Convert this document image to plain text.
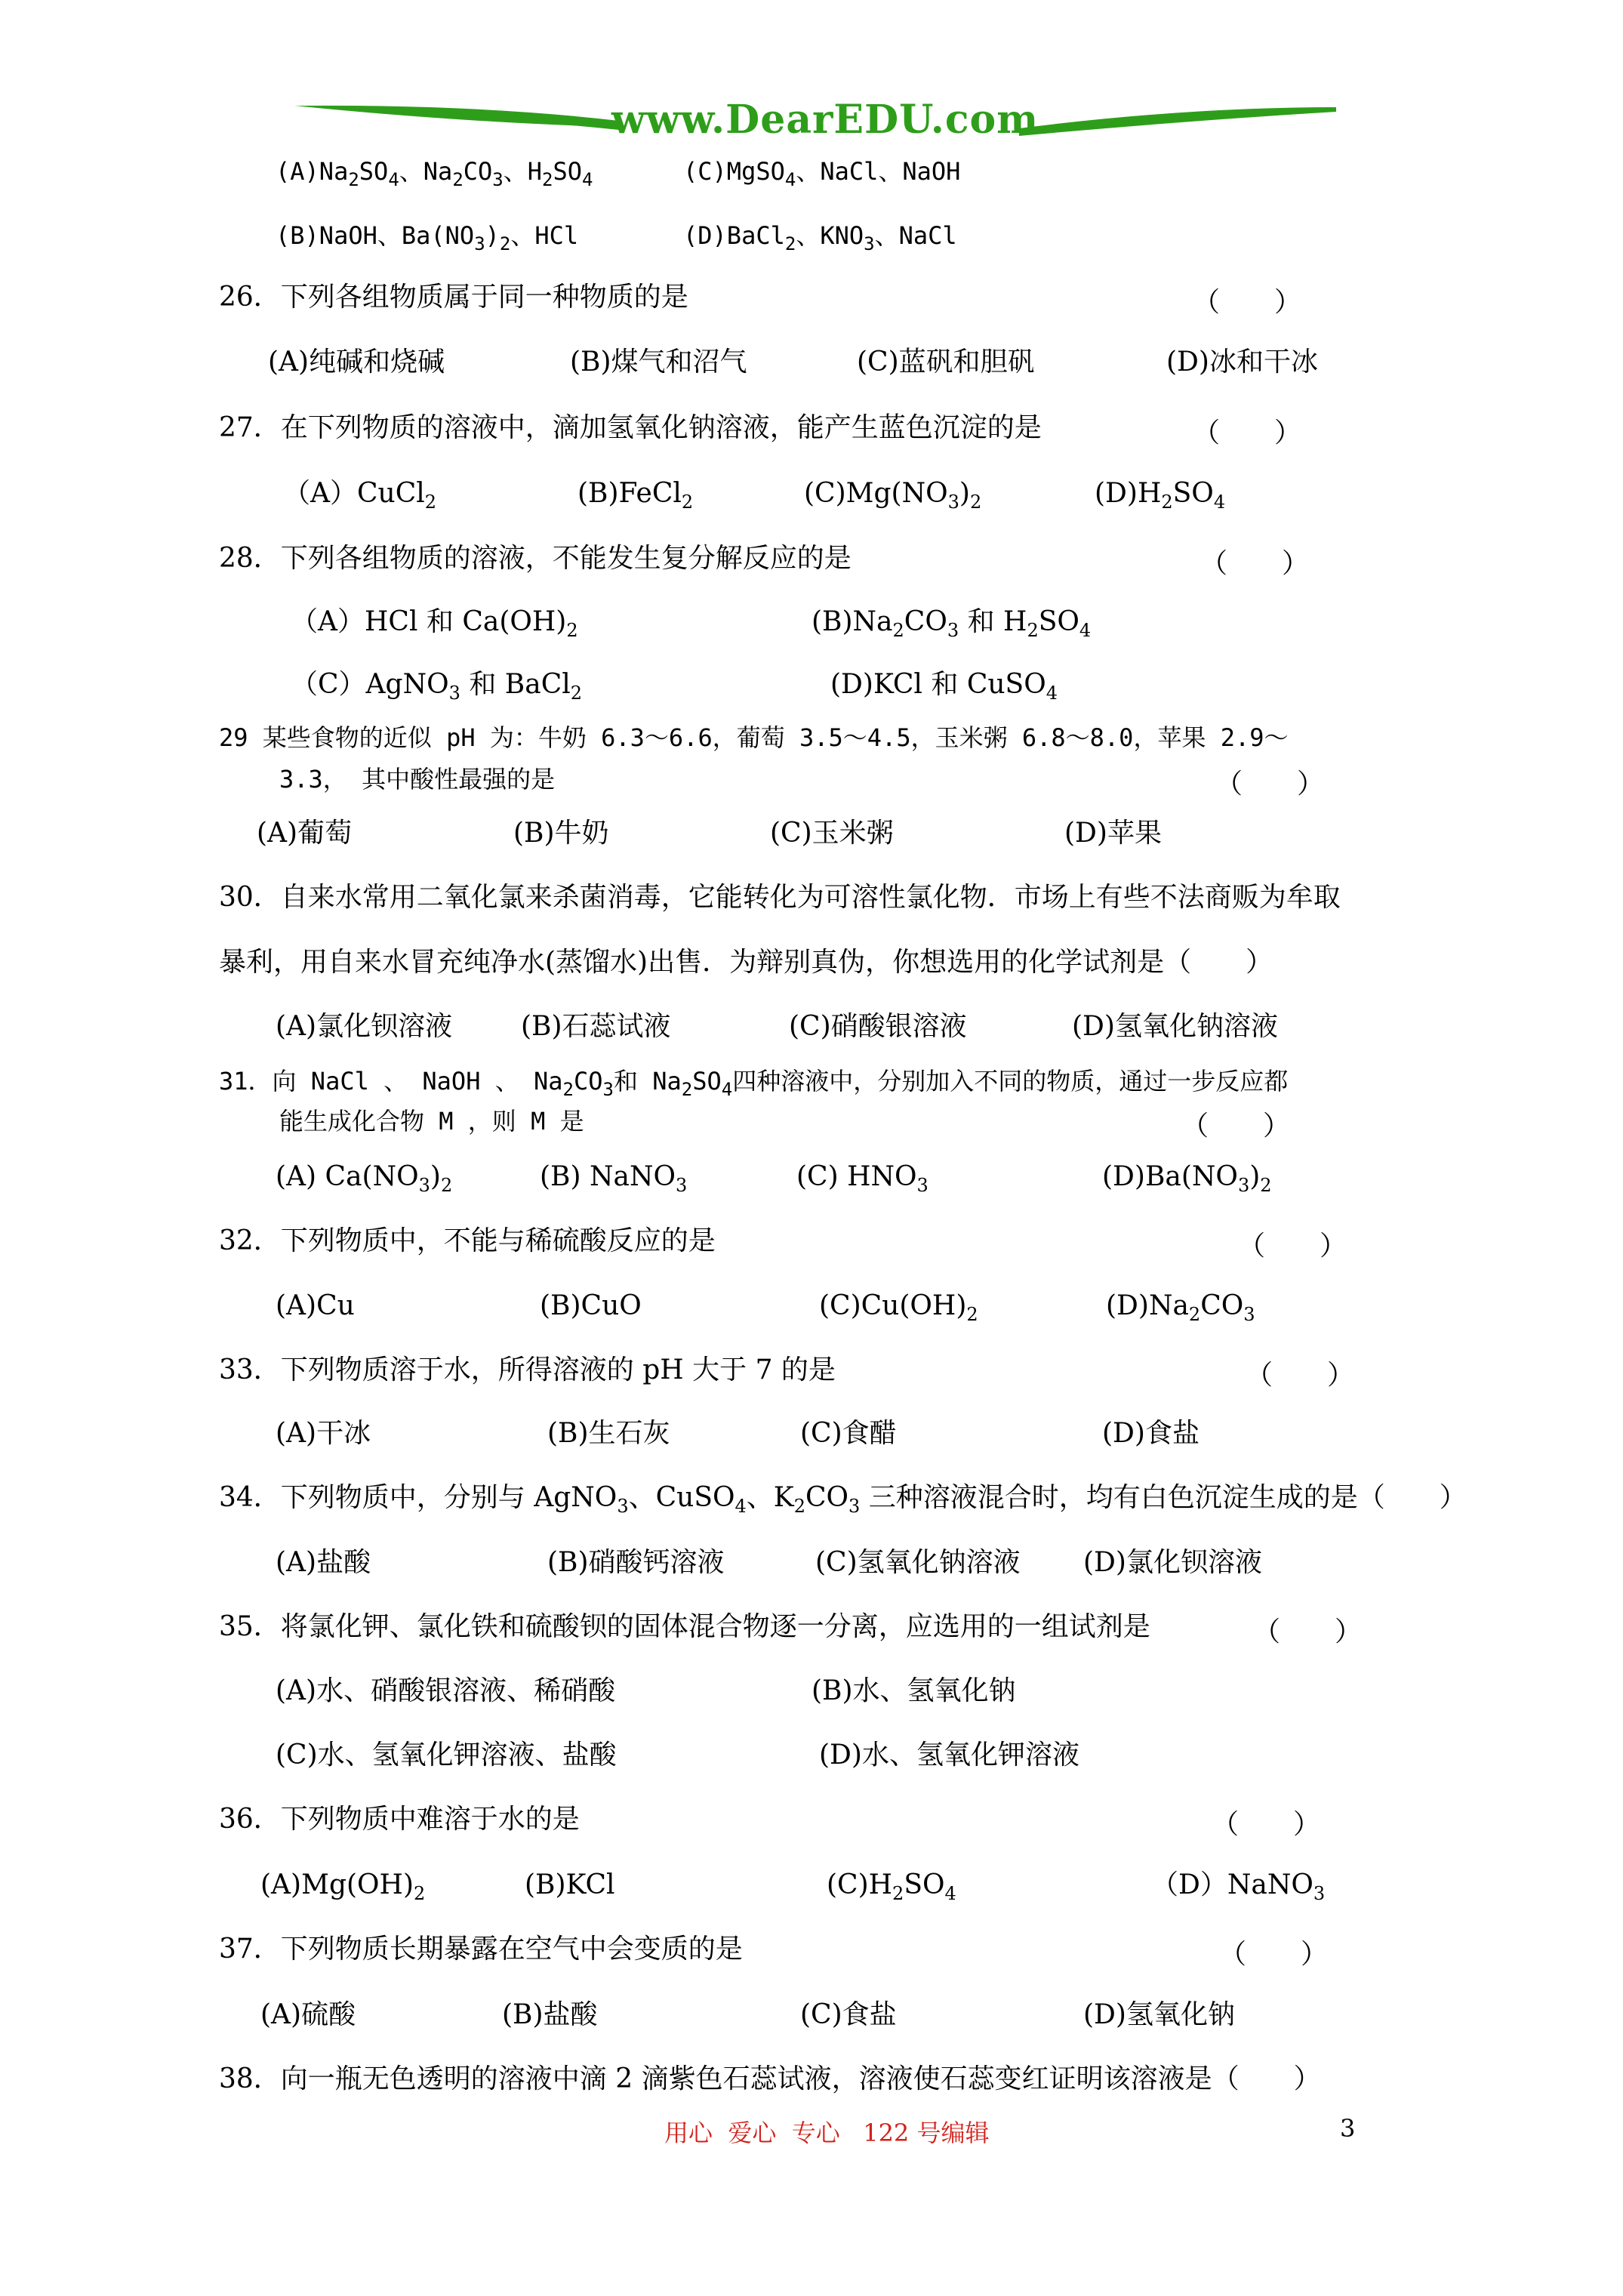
www.DearEDU.com
$(A)Na_2SO_4$、$Na_2CO_3$、$H_2SO_4$	(C)MgSO$_4$、NaCl、NaOH
(B)NaOH、$Ba(NO_3)_2$、HCl	(D)BaCl$_2$、$KNO_3$、NaCl
26．下列各组物质属于同一种物质的是	（　　）
(A)纯碱和烧碱	(B)煤气和沼气	(C)蓝矾和胆矾	(D)冰和干冰
27．在下列物质的溶液中，滴加氢氧化钠溶液，能产生蓝色沉淀的是	（　　）
（A）CuCl$_2$	(B)FeCl$_2$	$(C)Mg(NO_3)_2$	$(D)H_2SO_4$
28．下列各组物质的溶液，不能发生复分解反应的是	（　　）
（A）HCl 和 $Ca(OH)_2$	$(B)Na_2CO_3$ 和 $H_2SO_4$
（C）AgNO$_3$ 和 BaCl$_2$	(D)KCl 和 CuSO$_4$
29 某些食物的近似 pH 为：牛奶 6.3～6.6，葡萄 3.5～4.5，玉米粥 6.8～8.0，苹果 2.9～
3.3， 其中酸性最强的是	（　　）
(A)葡萄	(B)牛奶	(C)玉米粥	(D)苹果
30．自来水常用二氧化氯来杀菌消毒，它能转化为可溶性氯化物．市场上有些不法商贩为牟取
暴利，用自来水冒充纯净水(蒸馏水)出售．为辩别真伪，你想选用的化学试剂是（　　）
(A)氯化钡溶液	(B)石蕊试液	(C)硝酸银溶液	(D)氢氧化钠溶液
31．向 NaCl 、 NaOH 、 $Na_2CO_3$和 $Na_2SO_4$四种溶液中，分别加入不同的物质，通过一步反应都
能生成化合物 M ，则 M 是	（　　）
(A) $Ca(NO_3)_2$	(B) NaNO$_3$	(C) $HNO_3$	$(D)Ba(NO_3)_2$
32．下列物质中，不能与稀硫酸反应的是	（　　）
(A)Cu	(B)CuO	$(C)Cu(OH)_2$	$(D)Na_2CO_3$
33．下列物质溶于水，所得溶液的 pH 大于 7 的是	（　　）
(A)干冰	(B)生石灰	(C)食醋	(D)食盐
34．下列物质中，分别与 AgNO$_3$、CuSO$_4$、$K_2CO_3$ 三种溶液混合时，均有白色沉淀生成的是（　　）
(A)盐酸	(B)硝酸钙溶液	(C)氢氧化钠溶液 (D)氯化钡溶液
35．将氯化钾、氯化铁和硫酸钡的固体混合物逐一分离，应选用的一组试剂是	（　　）
(A)水、硝酸银溶液、稀硝酸	(B)水、氢氧化钠
(C)水、氢氧化钾溶液、盐酸	(D)水、氢氧化钾溶液
36．下列物质中难溶于水的是	（　　）
$(A)Mg(OH)_2$	(B)KCl	$(C)H_2SO_4$	（D）NaNO$_3$
37．下列物质长期暴露在空气中会变质的是	（　　）
(A)硫酸	(B)盐酸	(C)食盐	(D)氢氧化钠
38．向一瓶无色透明的溶液中滴 2 滴紫色石蕊试液，溶液使石蕊变红证明该溶液是（　　）
用心  爱心  专心   122 号编辑	3
